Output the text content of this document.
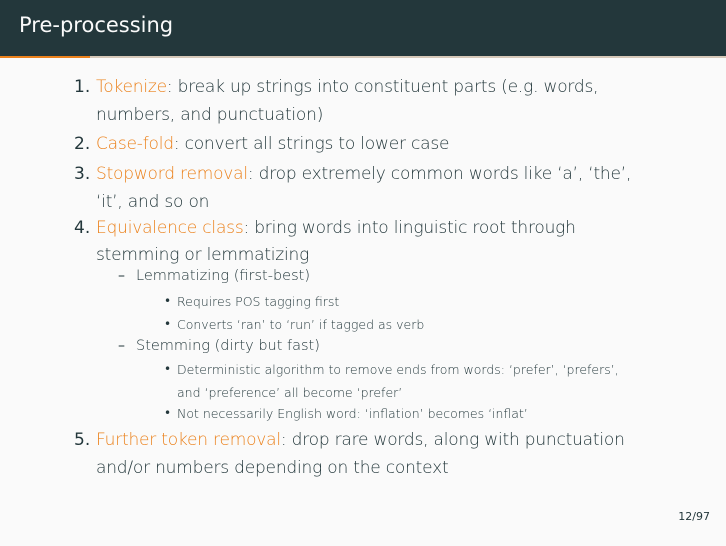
Pre-processing
1. Tokenize: break up strings into constituent parts (e.g. words,
numbers, and punctuation)
2. Case-fold: convert all strings to lower case
3. Stopword removal: drop extremely common words like ‘a’, ‘the’,
‘it’, and so on
4. Equivalence class: bring words into linguistic root through
stemming or lemmatizing
– Lemmatizing (first-best)
• Requires POS tagging first
• Converts ‘ran’ to ‘run’ if tagged as verb
– Stemming (dirty but fast)
• Deterministic algorithm to remove ends from words: ‘prefer’, ‘prefers’,
and ‘preference’ all become ‘prefer’
• Not necessarily English word: ‘inflation’ becomes ‘inflat’
5. Further token removal: drop rare words, along with punctuation
and/or numbers depending on the context
12/97
